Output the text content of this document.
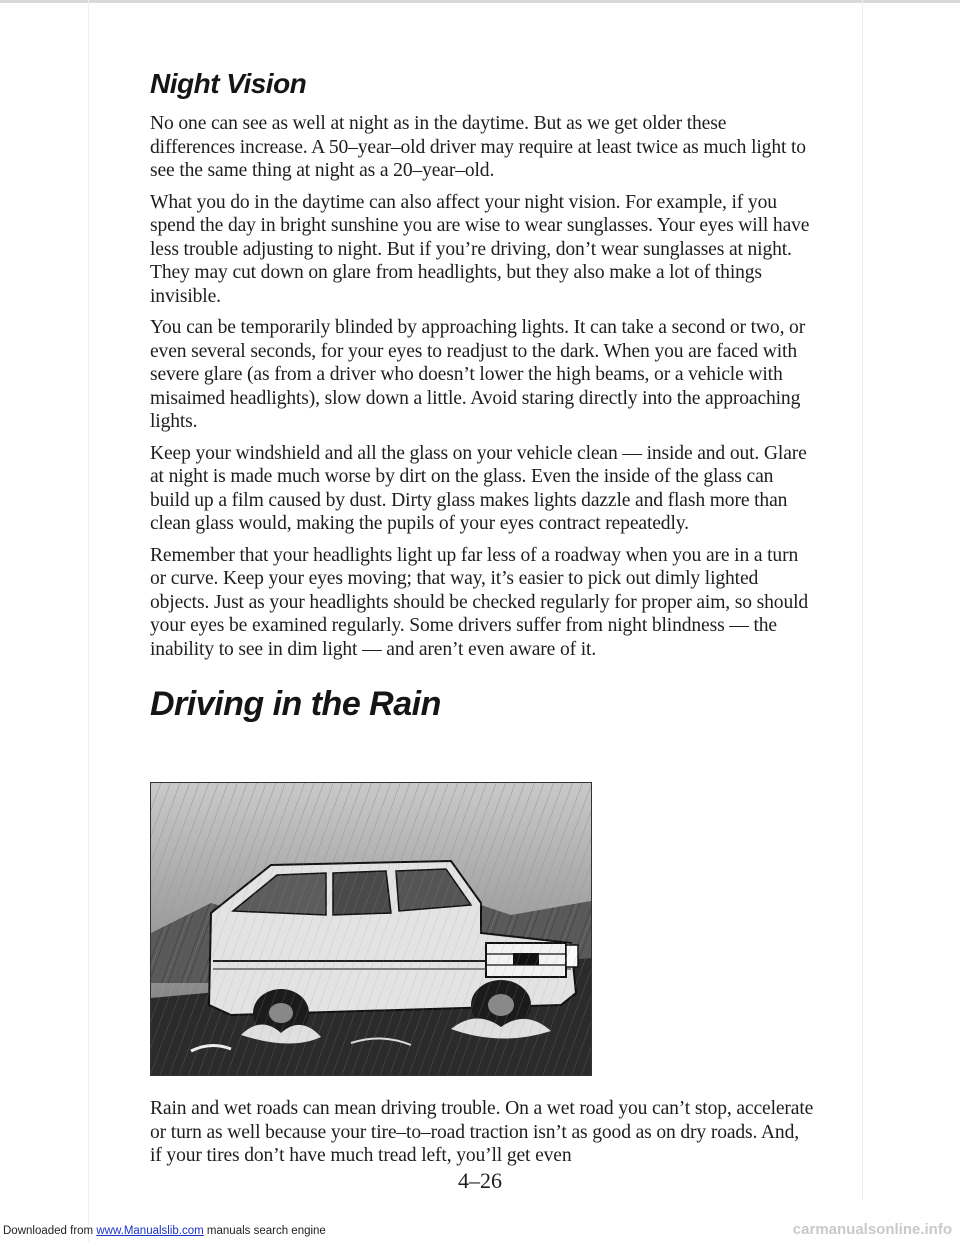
Night Vision

No one can see as well at night as in the daytime. But as we get older these differences increase. A 50–year–old driver may require at least twice as much light to see the same thing at night as a 20–year–old.

What you do in the daytime can also affect your night vision. For example, if you spend the day in bright sunshine you are wise to wear sunglasses. Your eyes will have less trouble adjusting to night. But if you’re driving, don’t wear sunglasses at night. They may cut down on glare from headlights, but they also make a lot of things invisible.

You can be temporarily blinded by approaching lights. It can take a second or two, or even several seconds, for your eyes to readjust to the dark. When you are faced with severe glare (as from a driver who doesn’t lower the high beams, or a vehicle with misaimed headlights), slow down a little. Avoid staring directly into the approaching lights.

Keep your windshield and all the glass on your vehicle clean — inside and out. Glare at night is made much worse by dirt on the glass. Even the inside of the glass can build up a film caused by dust. Dirty glass makes lights dazzle and flash more than clean glass would, making the pupils of your eyes contract repeatedly.

Remember that your headlights light up far less of a roadway when you are in a turn or curve. Keep your eyes moving; that way, it’s easier to pick out dimly lighted objects. Just as your headlights should be checked regularly for proper aim, so should your eyes be examined regularly. Some drivers suffer from night blindness — the inability to see in dim light — and aren’t even aware of it.

Driving in the Rain

Rain and wet roads can mean driving trouble. On a wet road you can’t stop, accelerate or turn as well because your tire–to–road traction isn’t as good as on dry roads. And, if your tires don’t have much tread left, you’ll get even

4–26
Downloaded from www.Manualslib.com manuals search engine	carmanualsonline.info
